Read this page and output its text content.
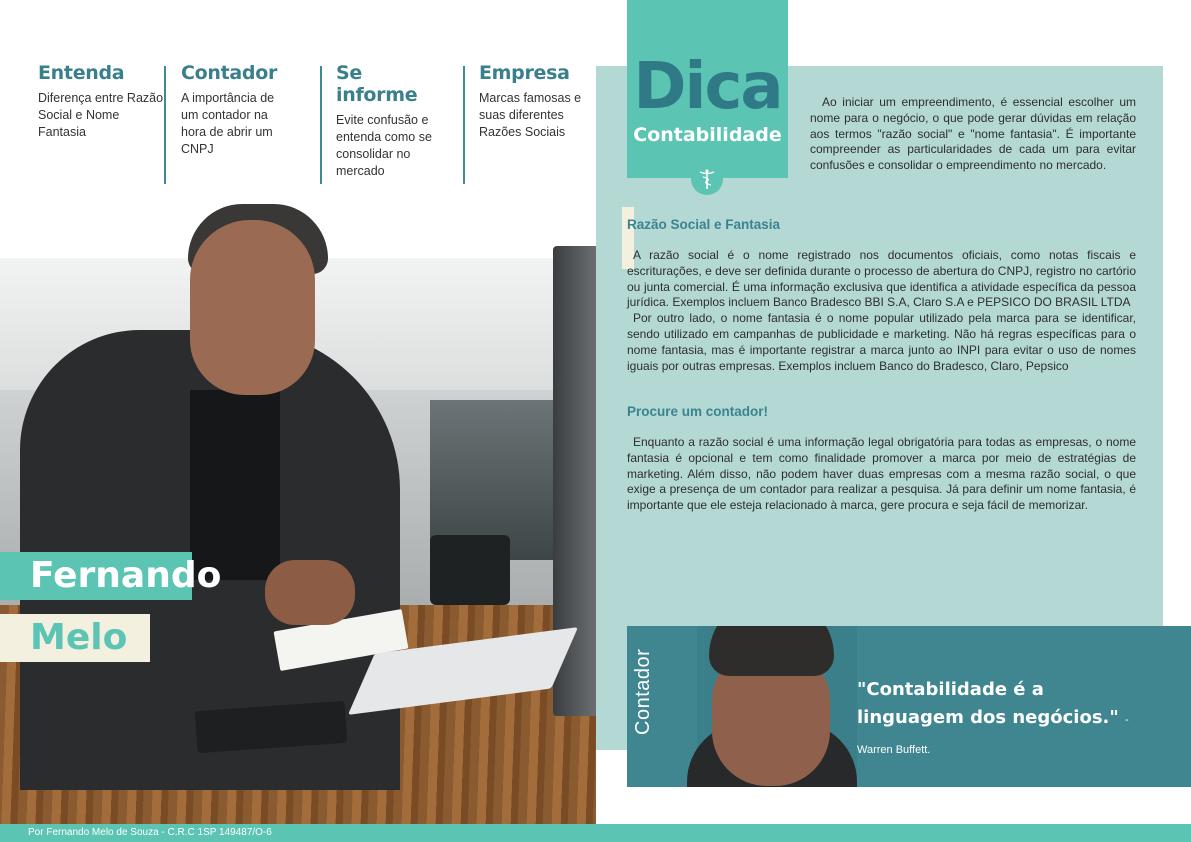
Entenda

Diferença entre Razão Social e Nome Fantasia

Contador

A importância de um contador na hora de abrir um CNPJ

Se informe

Evite confusão e entenda como se consolidar no mercado

Empresa

Marcas famosas e suas diferentes Razões Sociais

Fernando
Melo
Dica
Contabilidade

Ao iniciar um empreendimento, é essencial escolher um nome para o negócio, o que pode gerar dúvidas em relação aos termos "razão social" e "nome fantasia". É importante compreender as particularidades de cada um para evitar confusões e consolidar o empreendimento no mercado.

Razão Social e Fantasia

A razão social é o nome registrado nos documentos oficiais, como notas fiscais e escriturações, e deve ser definida durante o processo de abertura do CNPJ, registro no cartório ou junta comercial. É uma informação exclusiva que identifica a atividade específica da pessoa jurídica. Exemplos incluem Banco Bradesco BBI S.A, Claro S.A e PEPSICO DO BRASIL LTDA

Por outro lado, o nome fantasia é o nome popular utilizado pela marca para se identificar, sendo utilizado em campanhas de publicidade e marketing. Não há regras específicas para o nome fantasia, mas é importante registrar a marca junto ao INPI para evitar o uso de nomes iguais por outras empresas. Exemplos incluem Banco do Bradesco, Claro, Pepsico

Procure um contador!

Enquanto a razão social é uma informação legal obrigatória para todas as empresas, o nome fantasia é opcional e tem como finalidade promover a marca por meio de estratégias de marketing. Além disso, não podem haver duas empresas com a mesma razão social, o que exige a presença de um contador para realizar a pesquisa. Já para definir um nome fantasia, é importante que ele esteja relacionado à marca, gere procura e seja fácil de memorizar.

Contador	"Contabilidade é a linguagem dos negócios." - Warren Buffett.
Por Fernando Melo de Souza - C.R.C 1SP 149487/O-6
